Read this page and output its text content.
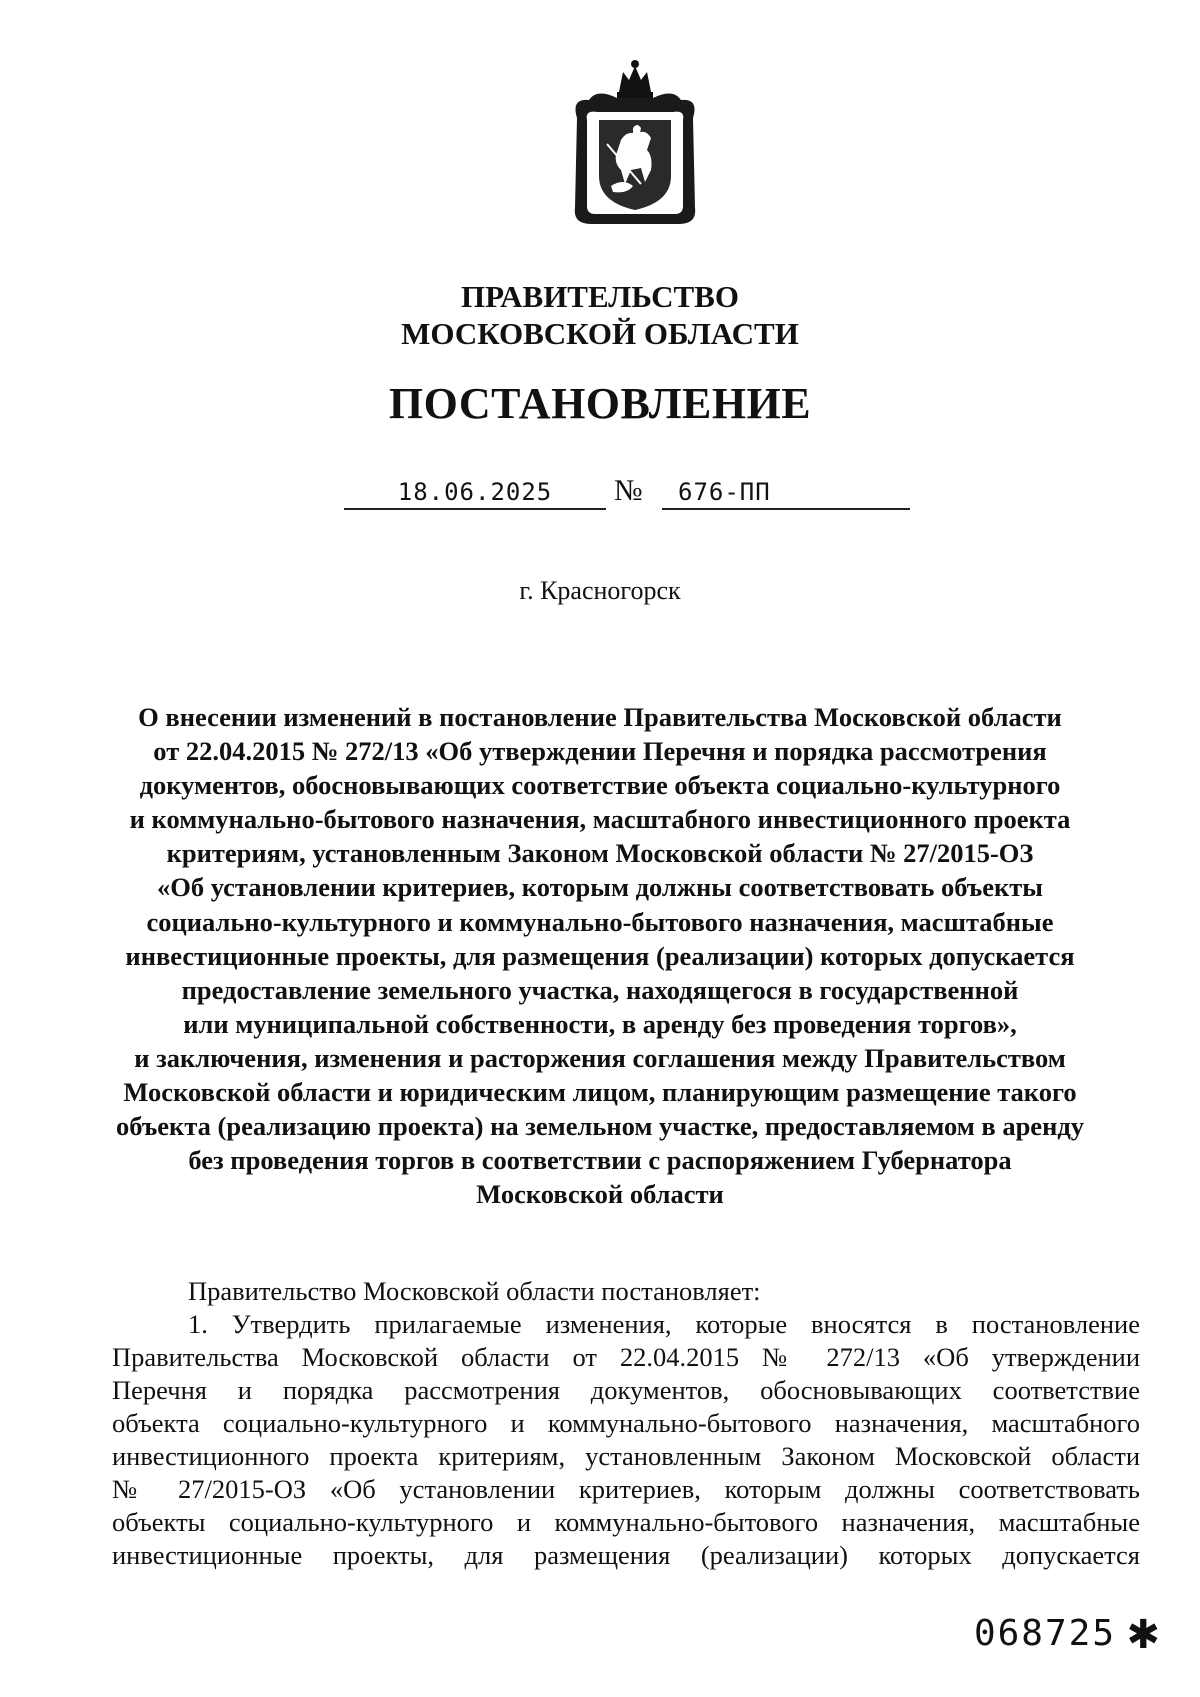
ПРАВИТЕЛЬСТВО
МОСКОВСКОЙ ОБЛАСТИ
ПОСТАНОВЛЕНИЕ
18.06.2025	№ 676-ПП
г. Красногорск
О внесении изменений в постановление Правительства Московской области
от 22.04.2015 № 272/13 «Об утверждении Перечня и порядка рассмотрения
документов, обосновывающих соответствие объекта социально-культурного
и коммунально-бытового назначения, масштабного инвестиционного проекта
критериям, установленным Законом Московской области № 27/2015-ОЗ
«Об установлении критериев, которым должны соответствовать объекты
социально-культурного и коммунально-бытового назначения, масштабные
инвестиционные проекты, для размещения (реализации) которых допускается
предоставление земельного участка, находящегося в государственной
или муниципальной собственности, в аренду без проведения торгов»,
и заключения, изменения и расторжения соглашения между Правительством
Московской области и юридическим лицом, планирующим размещение такого
объекта (реализацию проекта) на земельном участке, предоставляемом в аренду
без проведения торгов в соответствии с распоряжением Губернатора
Московской области
Правительство Московской области постановляет:
1. Утвердить прилагаемые изменения, которые вносятся в постановление
Правительства Московской области от 22.04.2015 № 272/13 «Об утверждении
Перечня и порядка рассмотрения документов, обосновывающих соответствие
объекта социально-культурного и коммунально-бытового назначения, масштабного
инвестиционного проекта критериям, установленным Законом Московской области
№ 27/2015-ОЗ «Об установлении критериев, которым должны соответствовать
объекты социально-культурного и коммунально-бытового назначения, масштабные
инвестиционные проекты, для размещения (реализации) которых допускается
068725 ✱
